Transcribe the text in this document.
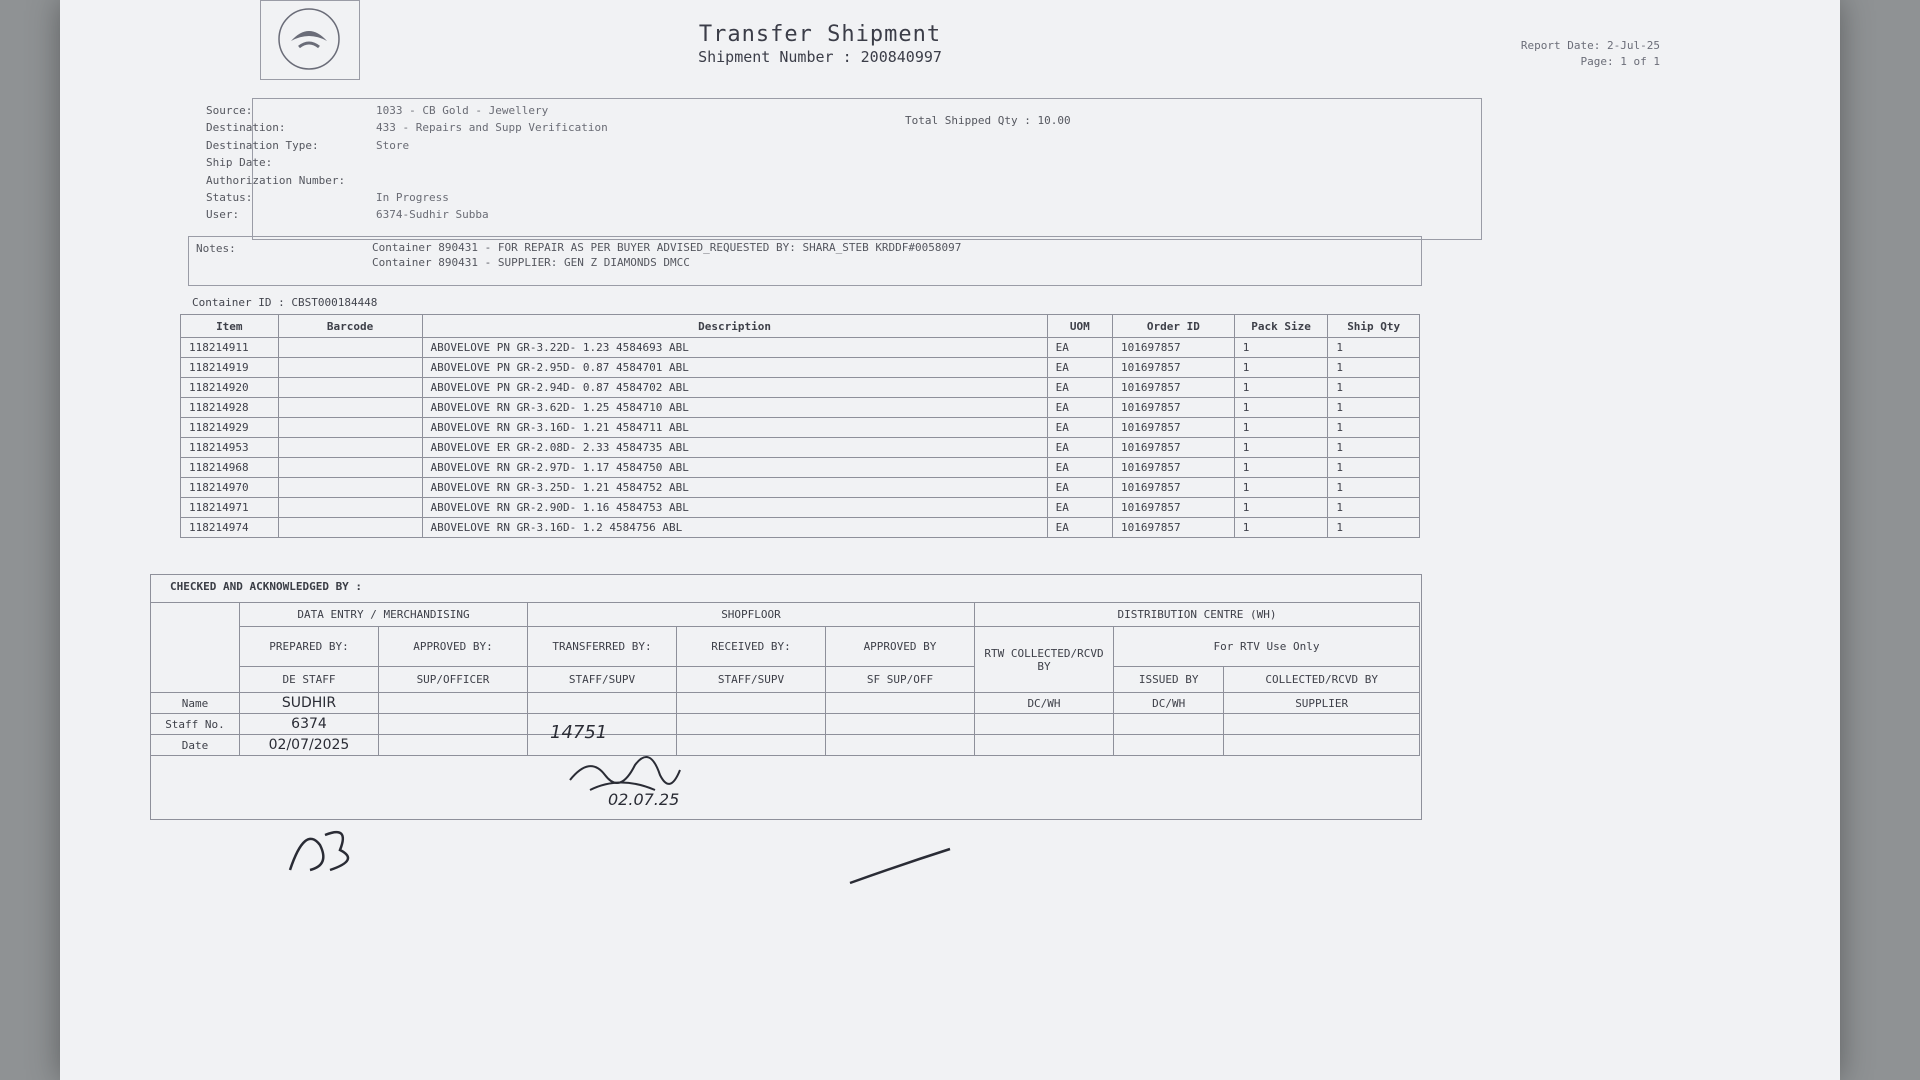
Transfer Shipment
Shipment Number : 200840997
Report Date: 2-Jul-25
Page: 1 of 1
Source:	1033 - CB Gold - Jewellery
Destination:	433 - Repairs and Supp Verification
Destination Type:	Store
Ship Date:
Authorization Number:
Status:	In Progress
User:	6374-Sudhir Subba
Total Shipped Qty : 10.00
Notes:	Container 890431 - FOR REPAIR AS PER BUYER ADVISED_REQUESTED BY: SHARA_STEB KRDDF#0058097
Container 890431 - SUPPLIER: GEN Z DIAMONDS DMCC
Container ID : CBST000184448
Item	Barcode	Description	UOM	Order ID	Pack Size	Ship Qty
118214911		ABOVELOVE PN GR-3.22D- 1.23 4584693 ABL	EA	101697857	1	1
118214919		ABOVELOVE PN GR-2.95D- 0.87 4584701 ABL	EA	101697857	1	1
118214920		ABOVELOVE PN GR-2.94D- 0.87 4584702 ABL	EA	101697857	1	1
118214928		ABOVELOVE RN GR-3.62D- 1.25 4584710 ABL	EA	101697857	1	1
118214929		ABOVELOVE RN GR-3.16D- 1.21 4584711 ABL	EA	101697857	1	1
118214953		ABOVELOVE ER GR-2.08D- 2.33 4584735 ABL	EA	101697857	1	1
118214968		ABOVELOVE RN GR-2.97D- 1.17 4584750 ABL	EA	101697857	1	1
118214970		ABOVELOVE RN GR-3.25D- 1.21 4584752 ABL	EA	101697857	1	1
118214971		ABOVELOVE RN GR-2.90D- 1.16 4584753 ABL	EA	101697857	1	1
118214974		ABOVELOVE RN GR-3.16D- 1.2 4584756 ABL	EA	101697857	1	1
CHECKED AND ACKNOWLEDGED BY :
	DATA ENTRY / MERCHANDISING		SHOPFLOOR			DISTRIBUTION CENTRE (WH)		
	PREPARED BY:	APPROVED BY:	TRANSFERRED BY:	RECEIVED BY:	APPROVED BY	RTW COLLECTED/RCVD BY	For RTV Use Only	
	DE STAFF	SUP/OFFICER	STAFF/SUPV	STAFF/SUPV	SF SUP/OFF		ISSUED BY	COLLECTED/RCVD BY
Name	SUDHIR					DC/WH	DC/WH	SUPPLIER
Staff No.	6374							
Date	02/07/2025							
14751
02.07.25
